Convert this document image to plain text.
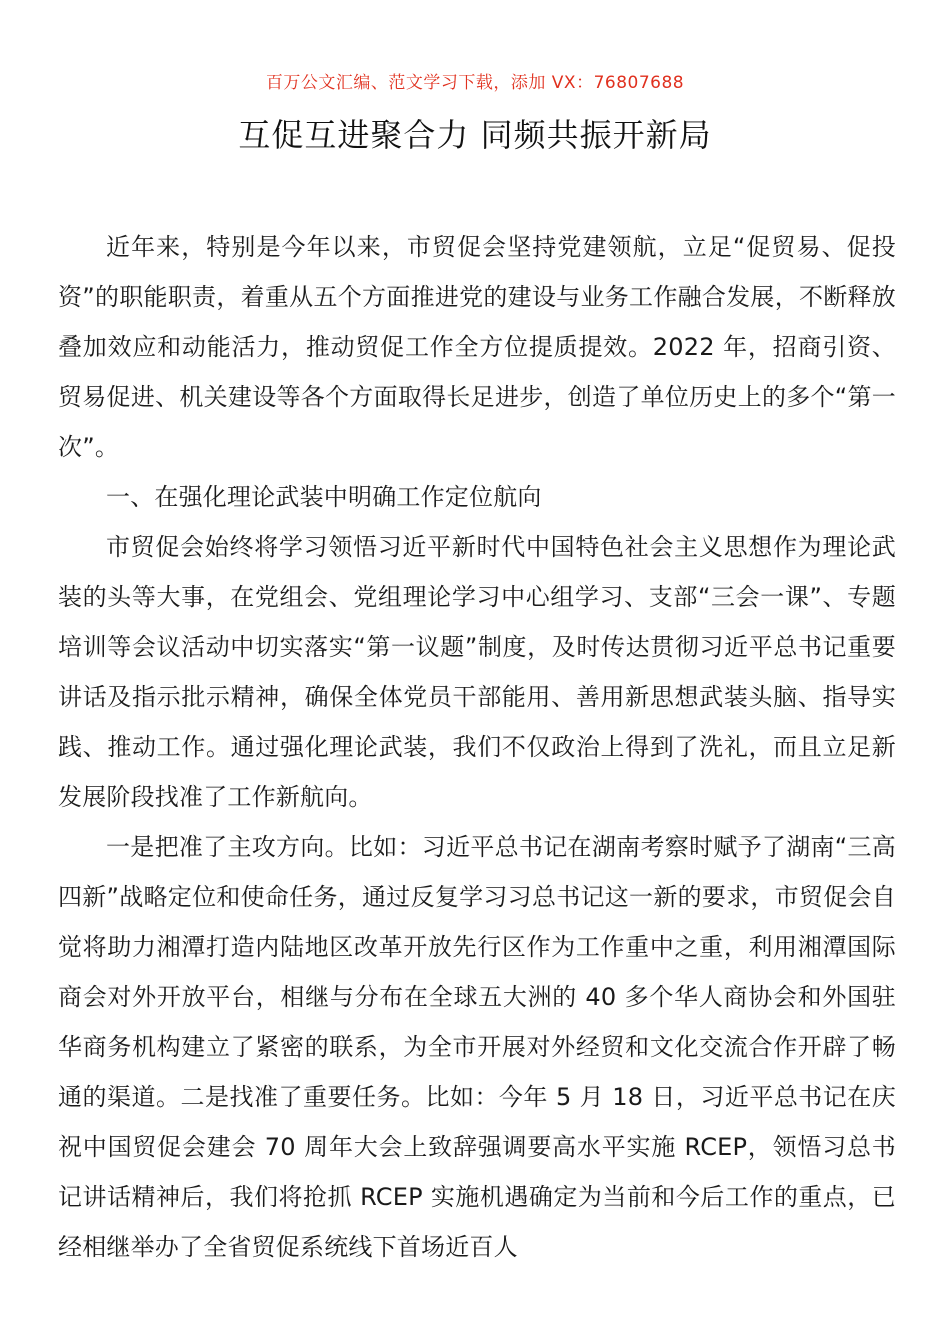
百万公文汇编、范文学习下载，添加 VX：76807688
互促互进聚合力 同频共振开新局

近年来，特别是今年以来，市贸促会坚持党建领航，立足“促贸易、促投资”的职能职责，着重从五个方面推进党的建设与业务工作融合发展，不断释放叠加效应和动能活力，推动贸促工作全方位提质提效。2022 年，招商引资、贸易促进、机关建设等各个方面取得长足进步，创造了单位历史上的多个“第一次”。

一、在强化理论武装中明确工作定位航向

市贸促会始终将学习领悟习近平新时代中国特色社会主义思想作为理论武装的头等大事，在党组会、党组理论学习中心组学习、支部“三会一课”、专题培训等会议活动中切实落实“第一议题”制度，及时传达贯彻习近平总书记重要讲话及指示批示精神，确保全体党员干部能用、善用新思想武装头脑、指导实践、推动工作。通过强化理论武装，我们不仅政治上得到了洗礼，而且立足新发展阶段找准了工作新航向。

一是把准了主攻方向。比如：习近平总书记在湖南考察时赋予了湖南“三高四新”战略定位和使命任务，通过反复学习习总书记这一新的要求，市贸促会自觉将助力湘潭打造内陆地区改革开放先行区作为工作重中之重，利用湘潭国际商会对外开放平台，相继与分布在全球五大洲的 40 多个华人商协会和外国驻华商务机构建立了紧密的联系，为全市开展对外经贸和文化交流合作开辟了畅通的渠道。二是找准了重要任务。比如：今年 5 月 18 日，习近平总书记在庆祝中国贸促会建会 70 周年大会上致辞强调要高水平实施 RCEP，领悟习总书记讲话精神后，我们将抢抓 RCEP 实施机遇确定为当前和今后工作的重点，已经相继举办了全省贸促系统线下首场近百人
